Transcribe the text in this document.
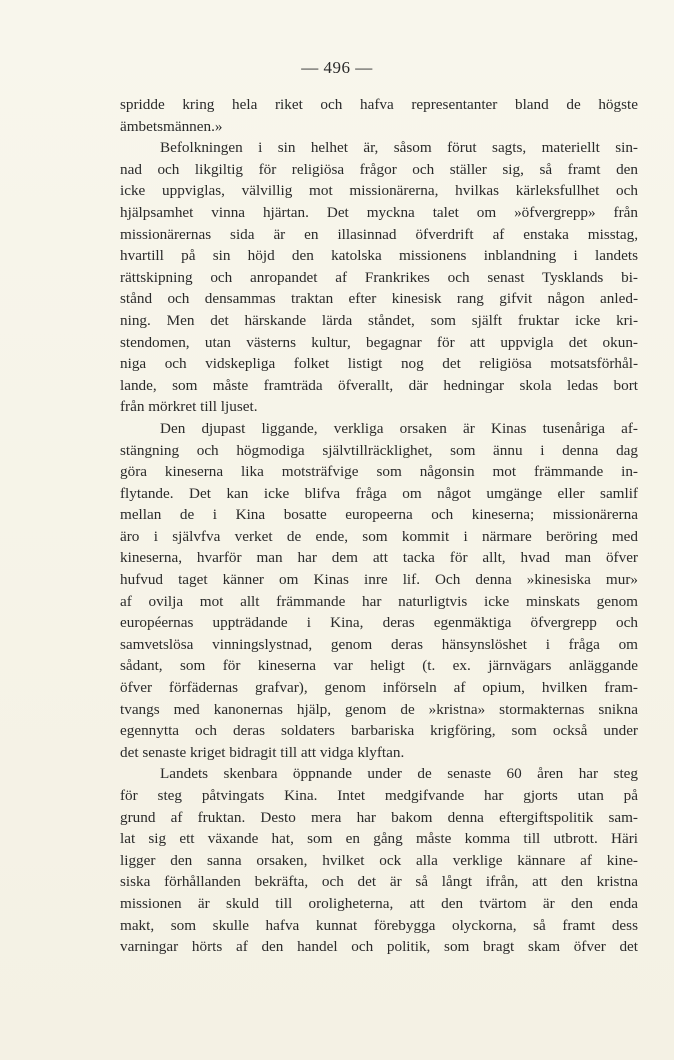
— 496 —
spridde kring hela riket och hafva representanter bland de högste
ämbetsmännen.»
Befolkningen i sin helhet är, såsom förut sagts, materiellt sin-
nad och likgiltig för religiösa frågor och ställer sig, så framt den
icke uppviglas, välvillig mot missionärerna, hvilkas kärleksfullhet och
hjälpsamhet vinna hjärtan. Det myckna talet om »öfvergrepp» från
missionärernas sida är en illasinnad öfverdrift af enstaka misstag,
hvartill på sin höjd den katolska missionens inblandning i landets
rättskipning och anropandet af Frankrikes och senast Tysklands bi-
stånd och densammas traktan efter kinesisk rang gifvit någon anled-
ning. Men det härskande lärda ståndet, som själft fruktar icke kri-
stendomen, utan västerns kultur, begagnar för att uppvigla det okun-
niga och vidskepliga folket listigt nog det religiösa motsatsförhål-
lande, som måste framträda öfverallt, där hedningar skola ledas bort
från mörkret till ljuset.
Den djupast liggande, verkliga orsaken är Kinas tusenåriga af-
stängning och högmodiga självtillräcklighet, som ännu i denna dag
göra kineserna lika motsträfvige som någonsin mot främmande in-
flytande. Det kan icke blifva fråga om något umgänge eller samlif
mellan de i Kina bosatte europeerna och kineserna; missionärerna
äro i självfva verket de ende, som kommit i närmare beröring med
kineserna, hvarför man har dem att tacka för allt, hvad man öfver
hufvud taget känner om Kinas inre lif. Och denna »kinesiska mur»
af ovilja mot allt främmande har naturligtvis icke minskats genom
européernas uppträdande i Kina, deras egenmäktiga öfvergrepp och
samvetslösa vinningslystnad, genom deras hänsynslöshet i fråga om
sådant, som för kineserna var heligt (t. ex. järnvägars anläggande
öfver förfädernas grafvar), genom införseln af opium, hvilken fram-
tvangs med kanonernas hjälp, genom de »kristna» stormakternas snikna
egennytta och deras soldaters barbariska krigföring, som också under
det senaste kriget bidragit till att vidga klyftan.
Landets skenbara öppnande under de senaste 60 åren har steg
för steg påtvingats Kina. Intet medgifvande har gjorts utan på
grund af fruktan. Desto mera har bakom denna eftergiftspolitik sam-
lat sig ett växande hat, som en gång måste komma till utbrott. Häri
ligger den sanna orsaken, hvilket ock alla verklige kännare af kine-
siska förhållanden bekräfta, och det är så långt ifrån, att den kristna
missionen är skuld till oroligheterna, att den tvärtom är den enda
makt, som skulle hafva kunnat förebygga olyckorna, så framt dess
varningar hörts af den handel och politik, som bragt skam öfver det
